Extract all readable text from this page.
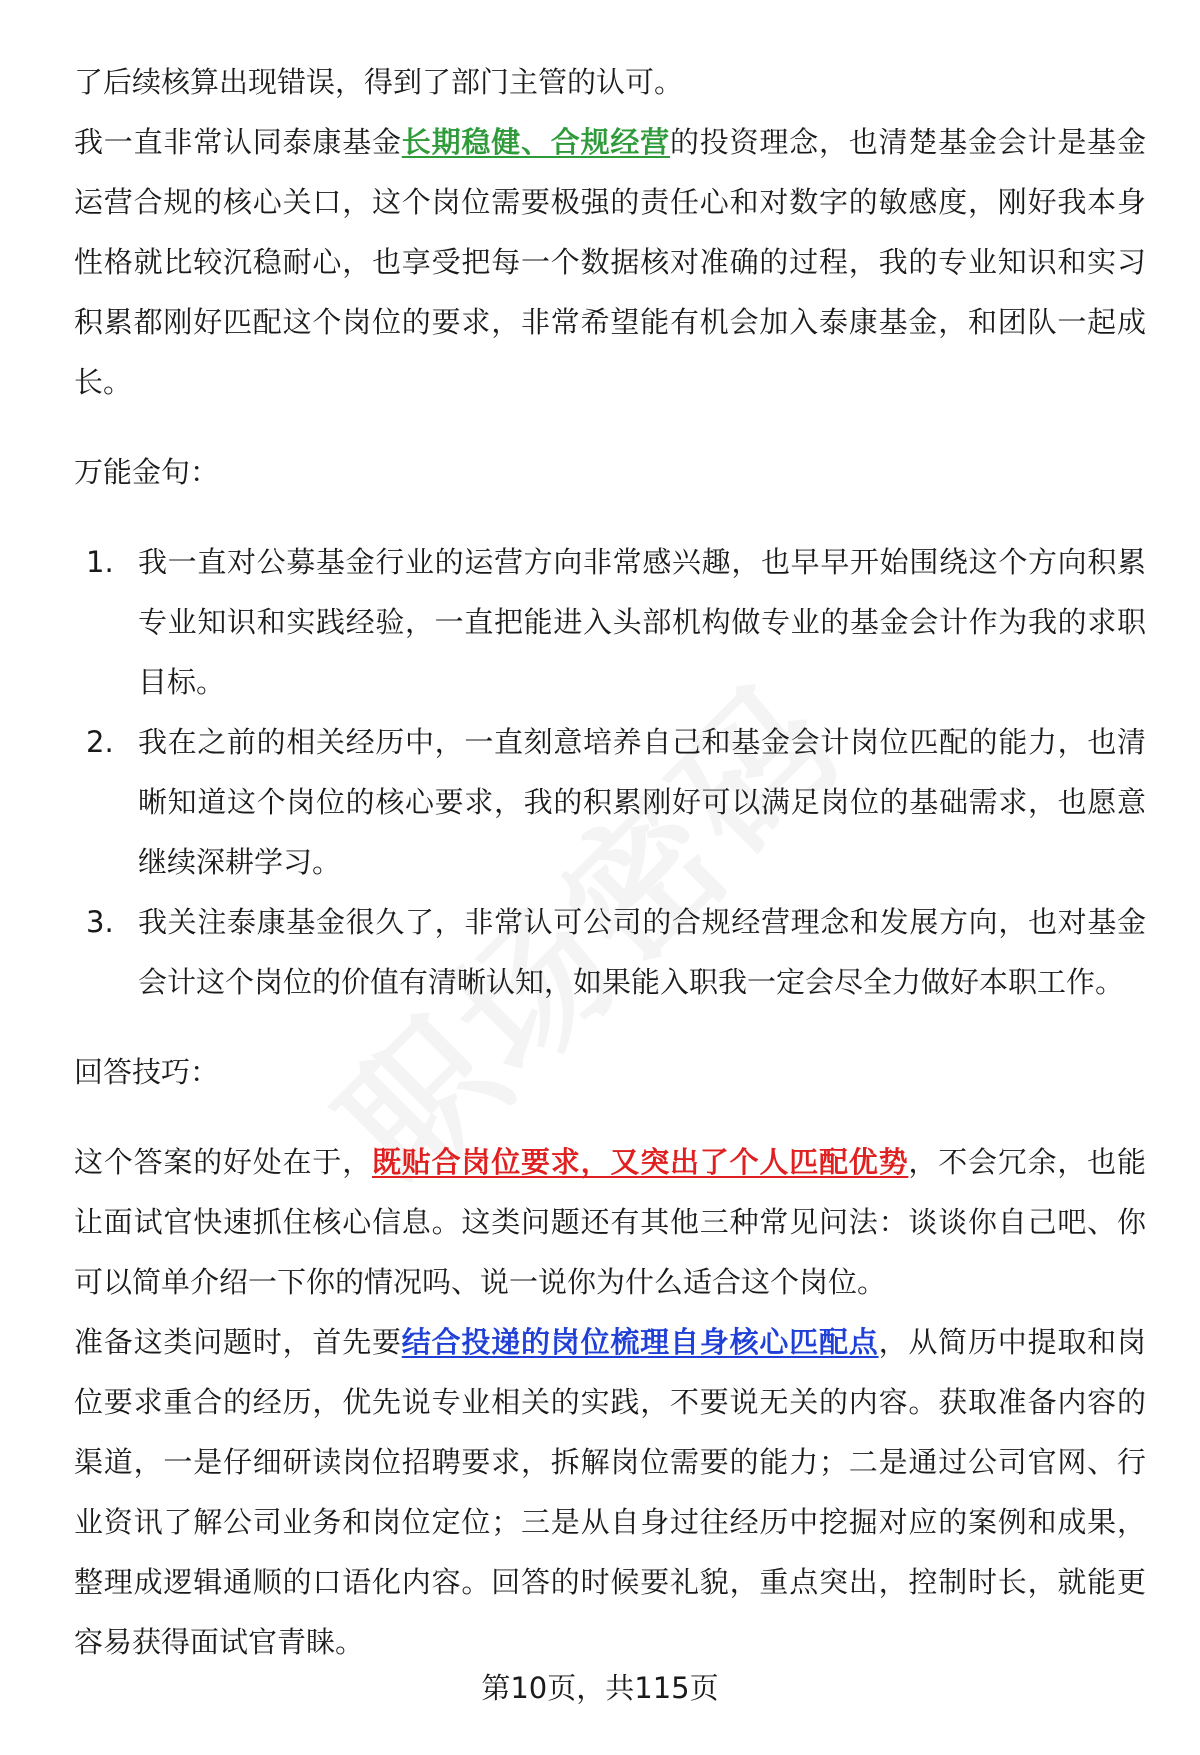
了后续核算出现错误，得到了部门主管的认可。

我一直非常认同泰康基金长期稳健、合规经营的投资理念，也清楚基金会计是基金运营合规的核心关口，这个岗位需要极强的责任心和对数字的敏感度，刚好我本身性格就比较沉稳耐心，也享受把每一个数据核对准确的过程，我的专业知识和实习积累都刚好匹配这个岗位的要求，非常希望能有机会加入泰康基金，和团队一起成长。

万能金句：

1. 我一直对公募基金行业的运营方向非常感兴趣，也早早开始围绕这个方向积累专业知识和实践经验，一直把能进入头部机构做专业的基金会计作为我的求职目标。
2. 我在之前的相关经历中，一直刻意培养自己和基金会计岗位匹配的能力，也清晰知道这个岗位的核心要求，我的积累刚好可以满足岗位的基础需求，也愿意继续深耕学习。
3. 我关注泰康基金很久了，非常认可公司的合规经营理念和发展方向，也对基金会计这个岗位的价值有清晰认知，如果能入职我一定会尽全力做好本职工作。

回答技巧：

这个答案的好处在于，既贴合岗位要求，又突出了个人匹配优势，不会冗余，也能让面试官快速抓住核心信息。这类问题还有其他三种常见问法：谈谈你自己吧、你可以简单介绍一下你的情况吗、说一说你为什么适合这个岗位。

准备这类问题时，首先要结合投递的岗位梳理自身核心匹配点，从简历中提取和岗位要求重合的经历，优先说专业相关的实践，不要说无关的内容。获取准备内容的渠道，一是仔细研读岗位招聘要求，拆解岗位需要的能力；二是通过公司官网、行业资讯了解公司业务和岗位定位；三是从自身过往经历中挖掘对应的案例和成果，整理成逻辑通顺的口语化内容。回答的时候要礼貌，重点突出，控制时长，就能更容易获得面试官青睐。

第10页，共115页
